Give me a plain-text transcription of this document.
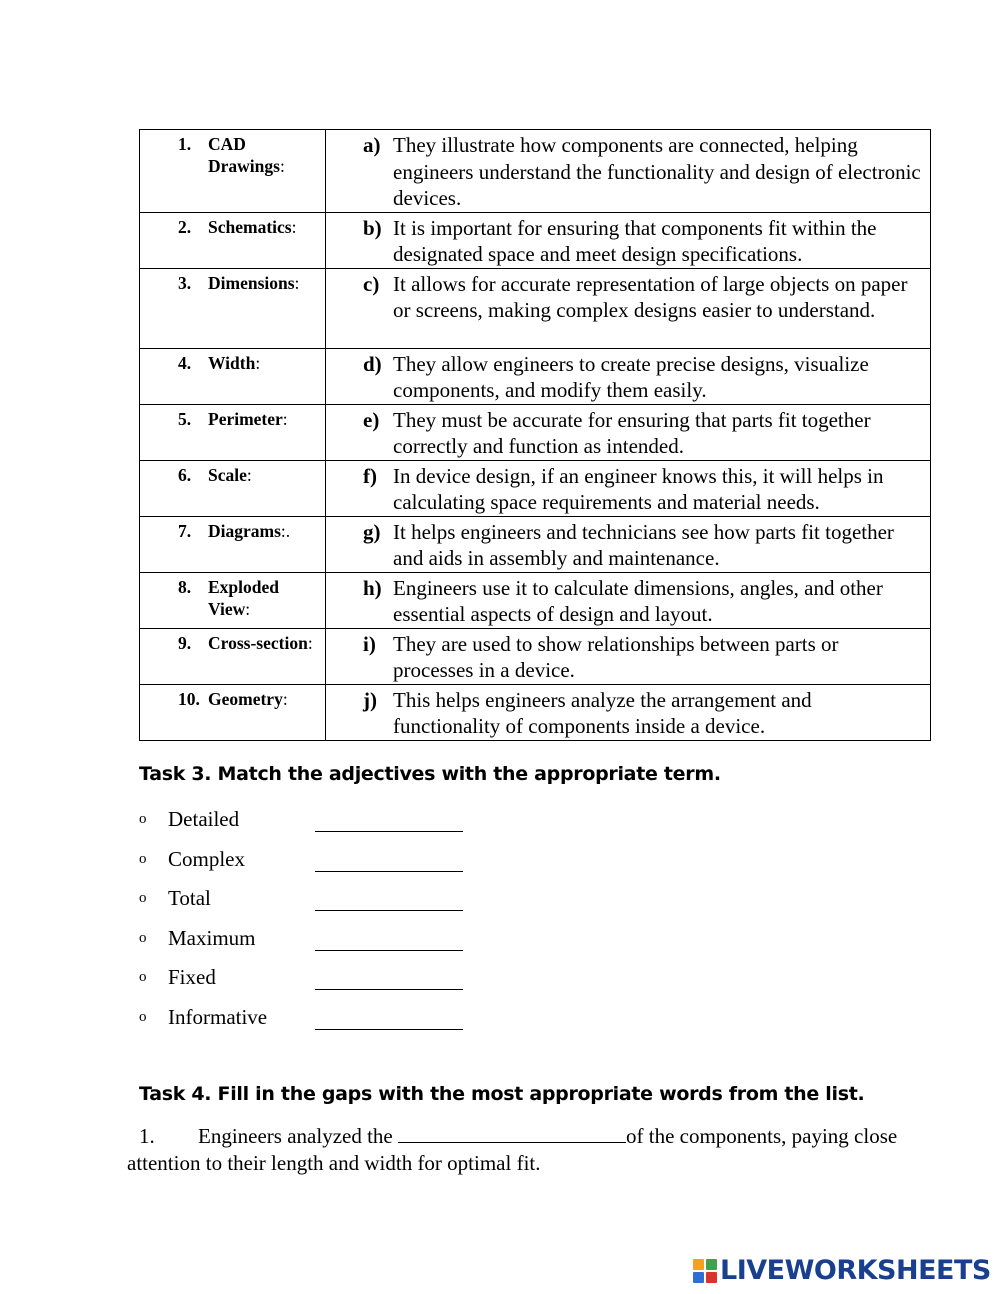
1. CAD Drawings:	a) They illustrate how components are connected, helping engineers understand the functionality and design of electronic devices.

2. Schematics:	b) It is important for ensuring that components fit within the designated space and meet design specifications.

3. Dimensions:	c) It allows for accurate representation of large objects on paper or screens, making complex designs easier to understand.

4. Width:	d) They allow engineers to create precise designs, visualize components, and modify them easily.

5. Perimeter:	e) They must be accurate for ensuring that parts fit together correctly and function as intended.

6. Scale:	f) In device design, if an engineer knows this, it will helps in calculating space requirements and material needs.

7. Diagrams:.	g) It helps engineers and technicians see how parts fit together and aids in assembly and maintenance.

8. Exploded View:	h) Engineers use it to calculate dimensions, angles, and other essential aspects of design and layout.

9. Cross-section:	i) They are used to show relationships between parts or processes in a device.

10. Geometry:	j) This helps engineers analyze the arrangement and functionality of components inside a device.
Task 3. Match the adjectives with the appropriate term.
o	Detailed
o	Complex
o	Total
o	Maximum
o	Fixed
o	Informative
Task 4. Fill in the gaps with the most appropriate words from the list.
1. Engineers analyzed the	of the components, paying close attention to their length and width for optimal fit.
LIVEWORKSHEETS
